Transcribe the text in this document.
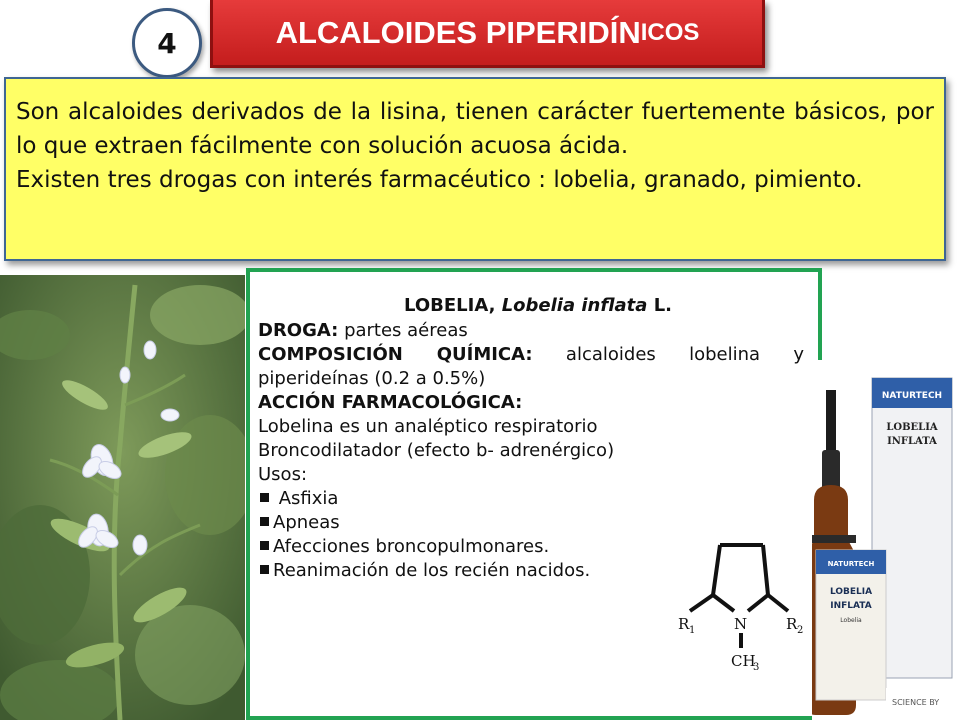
4	ALCALOIDES PIPERIDÍN ICOS

Son alcaloides derivados de la lisina, tienen carácter fuertemente básicos, por lo que extraen fácilmente con solución acuosa ácida.

Existen tres drogas con interés farmacéutico : lobelia, granado, pimiento.

LOBELIA, Lobelia inflata L.
DROGA: partes aéreas
COMPOSICIÓN QUÍMICA: alcaloides lobelina y piperideínas (0.2 a 0.5%)
ACCIÓN FARMACOLÓGICA:
Lobelina es un analéptico respiratorio
Broncodilatador (efecto b- adrenérgico)
Usos:
Asfixia
Apneas
Afecciones broncopulmonares.
Reanimación de los recién nacidos.
R 1	N	R 2
CH
3
NATURTECH
LOBELIA
INFLATA
NATURTECH
LOBELIA
INFLATA
Lobelia
SCIENCE BY
